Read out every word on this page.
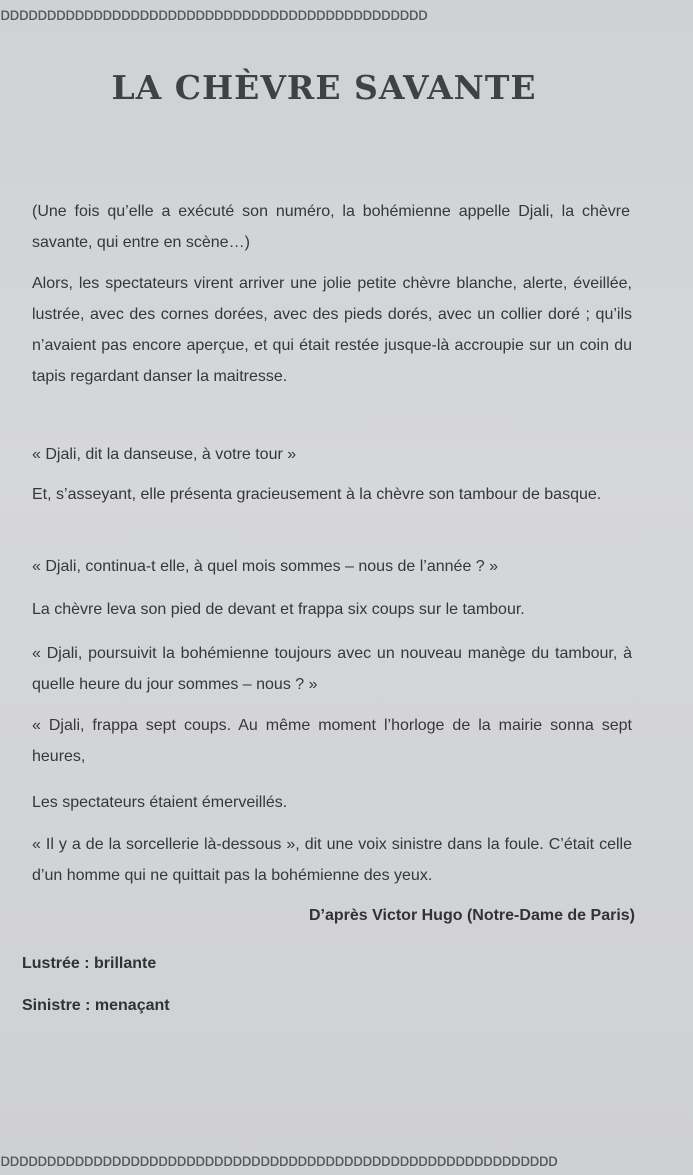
ᴅᴅᴅᴅᴅᴅᴅᴅᴅᴅᴅᴅᴅᴅᴅᴅᴅᴅᴅᴅᴅᴅᴅᴅᴅᴅᴅᴅᴅᴅᴅᴅᴅᴅᴅᴅᴅᴅᴅᴅᴅᴅᴅᴅᴅᴅ
LA CHÈVRE SAVANTE
(Une fois qu’elle a exécuté son numéro, la bohémienne appelle Djali, la chèvre savante, qui entre en scène…)
Alors, les spectateurs virent arriver une jolie petite chèvre blanche, alerte, éveillée, lustrée, avec des cornes dorées, avec des pieds dorés, avec un collier doré ; qu’ils n’avaient pas encore aperçue, et qui était restée jusque-là accroupie sur un coin du tapis regardant danser la maitresse.
« Djali, dit la danseuse, à votre tour »
Et, s’asseyant, elle présenta gracieusement à la chèvre son tambour de basque.
« Djali, continua-t elle, à quel mois sommes – nous de l’année ? »
La chèvre leva son pied de devant et frappa six coups sur le tambour.
« Djali, poursuivit la bohémienne toujours avec un nouveau manège du tambour, à quelle heure du jour sommes – nous ? »
« Djali, frappa sept coups. Au même moment l’horloge de la mairie sonna sept heures,
Les spectateurs étaient émerveillés.
« Il y a de la sorcellerie là-dessous », dit une voix sinistre dans la foule. C’était celle d’un homme qui ne quittait pas la bohémienne des yeux.
D’après Victor Hugo (Notre-Dame de Paris)
Lustrée : brillante
Sinistre : menaçant
ᴅᴅᴅᴅᴅᴅᴅᴅᴅᴅᴅᴅᴅᴅᴅᴅᴅᴅᴅᴅᴅᴅᴅᴅᴅᴅᴅᴅᴅᴅᴅᴅᴅᴅᴅᴅᴅᴅᴅᴅᴅᴅᴅᴅᴅᴅᴅᴅᴅᴅᴅᴅᴅᴅᴅᴅᴅᴅᴅᴅ
